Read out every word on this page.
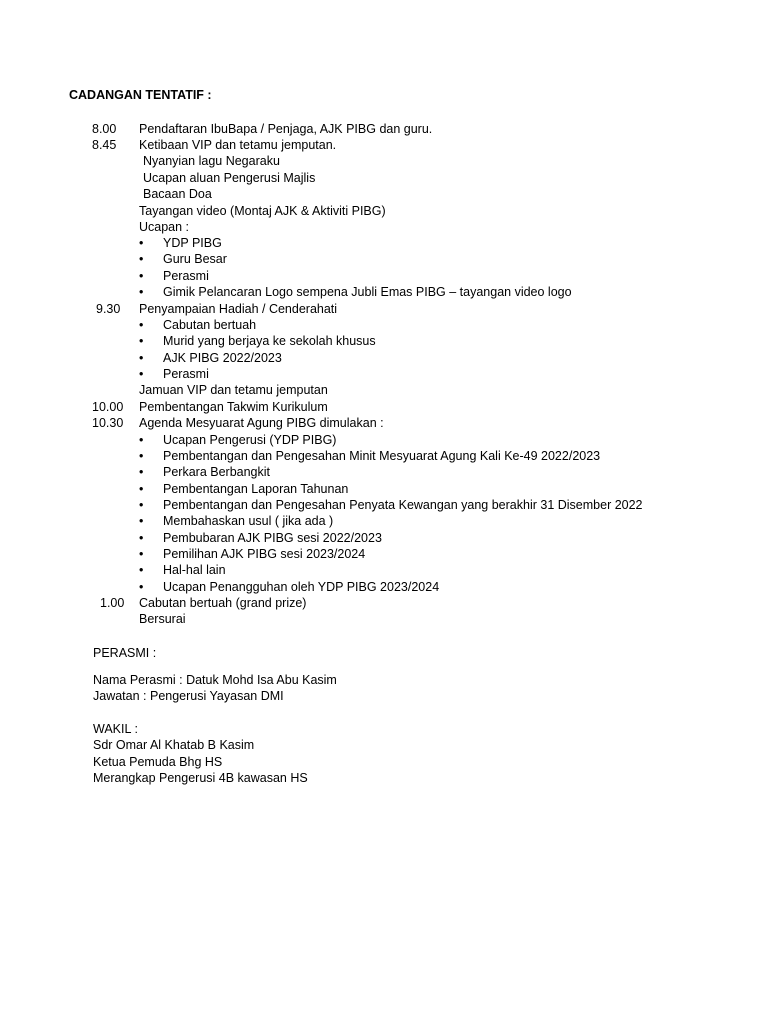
CADANGAN TENTATIF :
8.00 Pendaftaran IbuBapa / Penjaga, AJK PIBG dan guru.
8.45 Ketibaan VIP dan tetamu jemputan.
Nyanyian lagu Negaraku
Ucapan aluan Pengerusi Majlis
Bacaan Doa
Tayangan video (Montaj AJK & Aktiviti PIBG)
Ucapan :
• YDP PIBG
• Guru Besar
• Perasmi
• Gimik Pelancaran Logo sempena Jubli Emas PIBG – tayangan video logo
9.30 Penyampaian Hadiah / Cenderahati
• Cabutan bertuah
• Murid yang berjaya ke sekolah khusus
• AJK PIBG 2022/2023
• Perasmi
Jamuan VIP dan tetamu jemputan
10.00 Pembentangan Takwim Kurikulum
10.30 Agenda Mesyuarat Agung PIBG dimulakan :
• Ucapan Pengerusi (YDP PIBG)
• Pembentangan dan Pengesahan Minit Mesyuarat Agung Kali Ke-49 2022/2023
• Perkara Berbangkit
• Pembentangan Laporan Tahunan
• Pembentangan dan Pengesahan Penyata Kewangan yang berakhir 31 Disember 2022
• Membahaskan usul ( jika ada )
• Pembubaran AJK PIBG sesi 2022/2023
• Pemilihan AJK PIBG sesi 2023/2024
• Hal-hal lain
• Ucapan Penangguhan oleh YDP PIBG 2023/2024
1.00 Cabutan bertuah (grand prize)
Bersurai
PERASMI :
Nama Perasmi : Datuk Mohd Isa Abu Kasim
Jawatan : Pengerusi Yayasan DMI
WAKIL :
Sdr Omar Al Khatab B Kasim
Ketua Pemuda Bhg HS
Merangkap Pengerusi 4B kawasan HS
